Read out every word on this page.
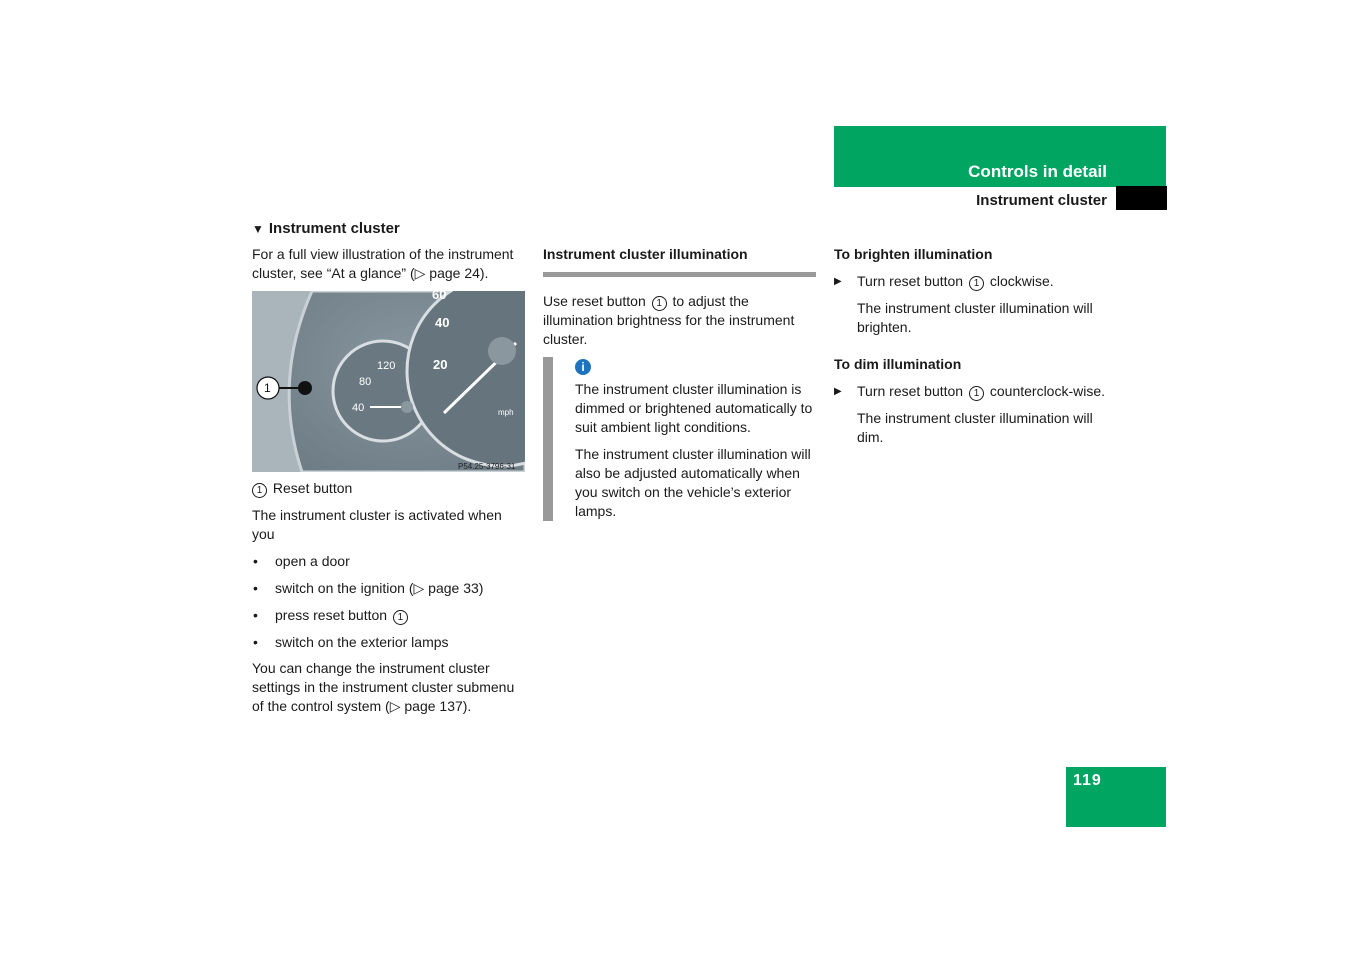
Controls in detail
Instrument cluster
▼ Instrument cluster

For a full view illustration of the instrument cluster, see “At a glance” (▷ page 24).

120
80
40
60
40
20
mph
1
P54.25-3796-31

1 Reset button

The instrument cluster is activated when you

• open a door
• switch on the ignition (▷ page 33)
• press reset button 1
• switch on the exterior lamps

You can change the instrument cluster settings in the instrument cluster submenu of the control system (▷ page 137).

Instrument cluster illumination

Use reset button 1 to adjust the illumination brightness for the instrument cluster.

i

The instrument cluster illumination is dimmed or brightened automatically to suit ambient light conditions.

The instrument cluster illumination will also be adjusted automatically when you switch on the vehicle’s exterior lamps.

To brighten illumination

▶ Turn reset button 1 clockwise.

The instrument cluster illumination will brighten.

To dim illumination

▶ Turn reset button 1 counterclock-wise.

The instrument cluster illumination will dim.

119
